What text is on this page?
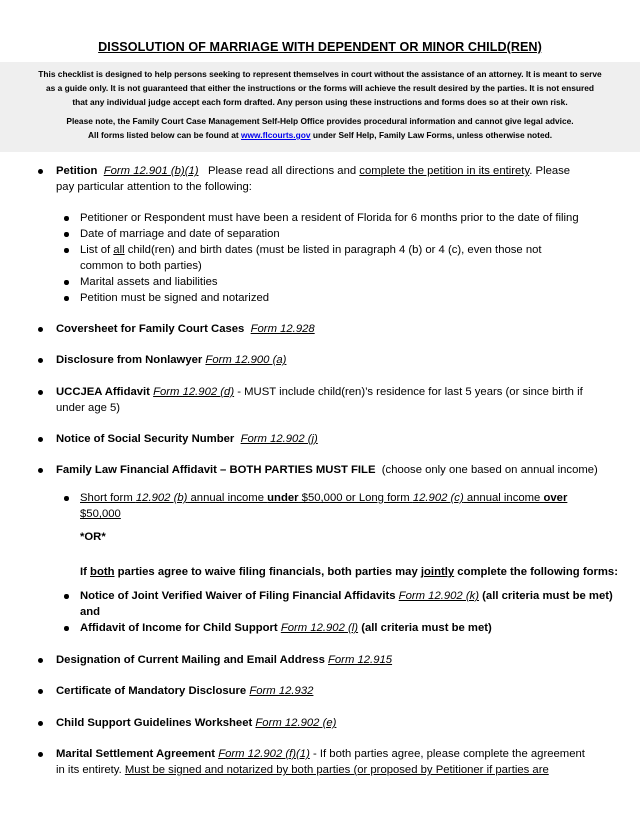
DISSOLUTION OF MARRIAGE WITH DEPENDENT OR MINOR CHILD(REN)

This checklist is designed to help persons seeking to represent themselves in court without the assistance of an attorney. It is meant to serve

as a guide only. It is not guaranteed that either the instructions or the forms will achieve the result desired by the parties. It is not ensured

that any individual judge accept each form drafted. Any person using these instructions and forms does so at their own risk.

Please note, the Family Court Case Management Self-Help Office provides procedural information and cannot give legal advice.

All forms listed below can be found at www.flcourts.gov under Self Help, Family Law Forms, unless otherwise noted.

Petition Form 12.901 (b)(1) Please read all directions and complete the petition in its entirety. Please
pay particular attention to the following:
Petitioner or Respondent must have been a resident of Florida for 6 months prior to the date of filing
Date of marriage and date of separation
List of all child(ren) and birth dates (must be listed in paragraph 4 (b) or 4 (c), even those not
common to both parties)
Marital assets and liabilities
Petition must be signed and notarized
Coversheet for Family Court Cases Form 12.928
Disclosure from Nonlawyer Form 12.900 (a)
UCCJEA Affidavit Form 12.902 (d) - MUST include child(ren)’s residence for last 5 years (or since birth if
under age 5)
Notice of Social Security Number Form 12.902 (j)
Family Law Financial Affidavit – BOTH PARTIES MUST FILE (choose only one based on annual income)
Short form 12.902 (b) annual income under $50,000 or Long form 12.902 (c) annual income over
$50,000
*OR*
If both parties agree to waive filing financials, both parties may jointly complete the following forms:
Notice of Joint Verified Waiver of Filing Financial Affidavits Form 12.902 (k) (all criteria must be met)
and
Affidavit of Income for Child Support Form 12.902 (l) (all criteria must be met)
Designation of Current Mailing and Email Address Form 12.915
Certificate of Mandatory Disclosure Form 12.932
Child Support Guidelines Worksheet Form 12.902 (e)
Marital Settlement Agreement Form 12.902 (f)(1) - If both parties agree, please complete the agreement
in its entirety. Must be signed and notarized by both parties (or proposed by Petitioner if parties are
